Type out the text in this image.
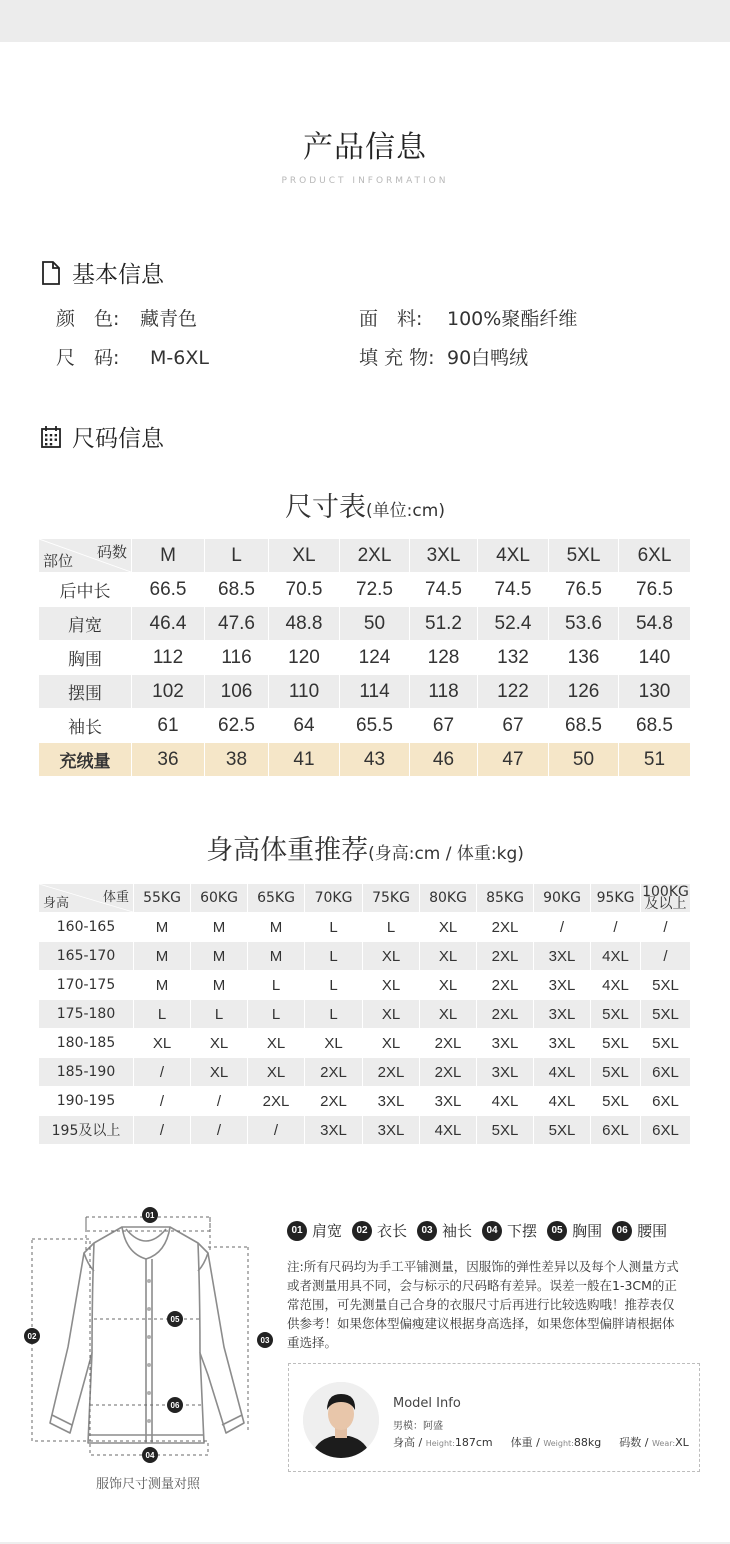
产品信息
PRODUCT INFORMATION
基本信息
颜　色: 藏青色	面　料: 100%聚酯纤维
尺　码: M-6XL	填 充 物: 90白鸭绒
尺码信息
尺寸表(单位:cm)
码数
部位	M	L	XL	2XL	3XL	4XL	5XL	6XL
后中长	66.5	68.5	70.5	72.5	74.5	74.5	76.5	76.5
肩宽	46.4	47.6	48.8	50	51.2	52.4	53.6	54.8
胸围	112	116	120	124	128	132	136	140
摆围	102	106	110	114	118	122	126	130
袖长	61	62.5	64	65.5	67	67	68.5	68.5
充绒量	36	38	41	43	46	47	50	51
身高体重推荐(身高:cm / 体重:kg)
体重
身高	55KG	60KG	65KG	70KG	75KG	80KG	85KG	90KG	95KG	100KG及以上
160-165	M	M	M	L	L	XL	2XL	/	/	/
165-170	M	M	M	L	XL	XL	2XL	3XL	4XL	/
170-175	M	M	L	L	XL	XL	2XL	3XL	4XL	5XL
175-180	L	L	L	L	XL	XL	2XL	3XL	5XL	5XL
180-185	XL	XL	XL	XL	XL	2XL	3XL	3XL	5XL	5XL
185-190	/	XL	XL	2XL	2XL	2XL	3XL	4XL	5XL	6XL
190-195	/	/	2XL	2XL	3XL	3XL	4XL	4XL	5XL	6XL
195及以上	/	/	/	3XL	3XL	4XL	5XL	5XL	6XL	6XL
01
02	03
04
05
06
服饰尺寸测量对照
01 肩宽	02 衣长	03 袖长	04 下摆	05 胸围	06 腰围
注:所有尺码均为手工平铺测量，因服饰的弹性差异以及每个人测量方式
或者测量用具不同，会与标示的尺码略有差异。误差一般在1-3CM的正
常范围，可先测量自己合身的衣服尺寸后再进行比较选购哦！推荐表仅
供参考！如果您体型偏瘦建议根据身高选择，如果您体型偏胖请根据体
重选择。
Model Info
男模：阿盛
身高 / Height:187cm 体重 / Weight:88kg 码数 / Wear:XL
